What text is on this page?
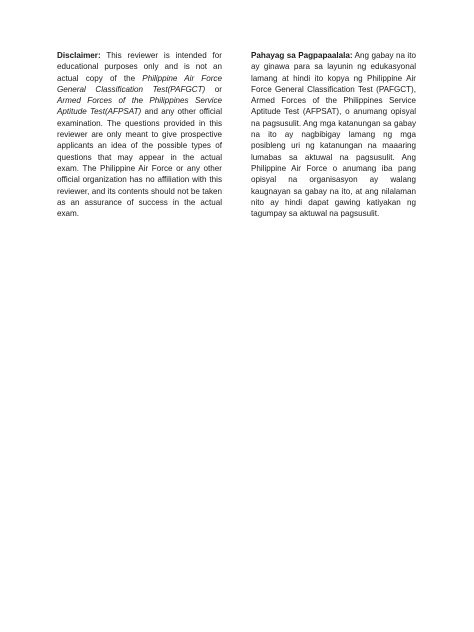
Disclaimer: This reviewer is intended for educational purposes only and is not an actual copy of the Philippine Air Force General Classification Test(PAFGCT) or Armed Forces of the Philippines Service Aptitude Test(AFPSAT) and any other official examination. The questions provided in this reviewer are only meant to give prospective applicants an idea of the possible types of questions that may appear in the actual exam. The Philippine Air Force or any other official organization has no affiliation with this reviewer, and its contents should not be taken as an assurance of success in the actual exam.
Pahayag sa Pagpapaalala: Ang gabay na ito ay ginawa para sa layunin ng edukasyonal lamang at hindi ito kopya ng Philippine Air Force General Classification Test (PAFGCT), Armed Forces of the Philippines Service Aptitude Test (AFPSAT), o anumang opisyal na pagsusulit. Ang mga katanungan sa gabay na ito ay nagbibigay lamang ng mga posibleng uri ng katanungan na maaaring lumabas sa aktuwal na pagsusulit. Ang Philippine Air Force o anumang iba pang opisyal na organisasyon ay walang kaugnayan sa gabay na ito, at ang nilalaman nito ay hindi dapat gawing katiyakan ng tagumpay sa aktuwal na pagsusulit.
